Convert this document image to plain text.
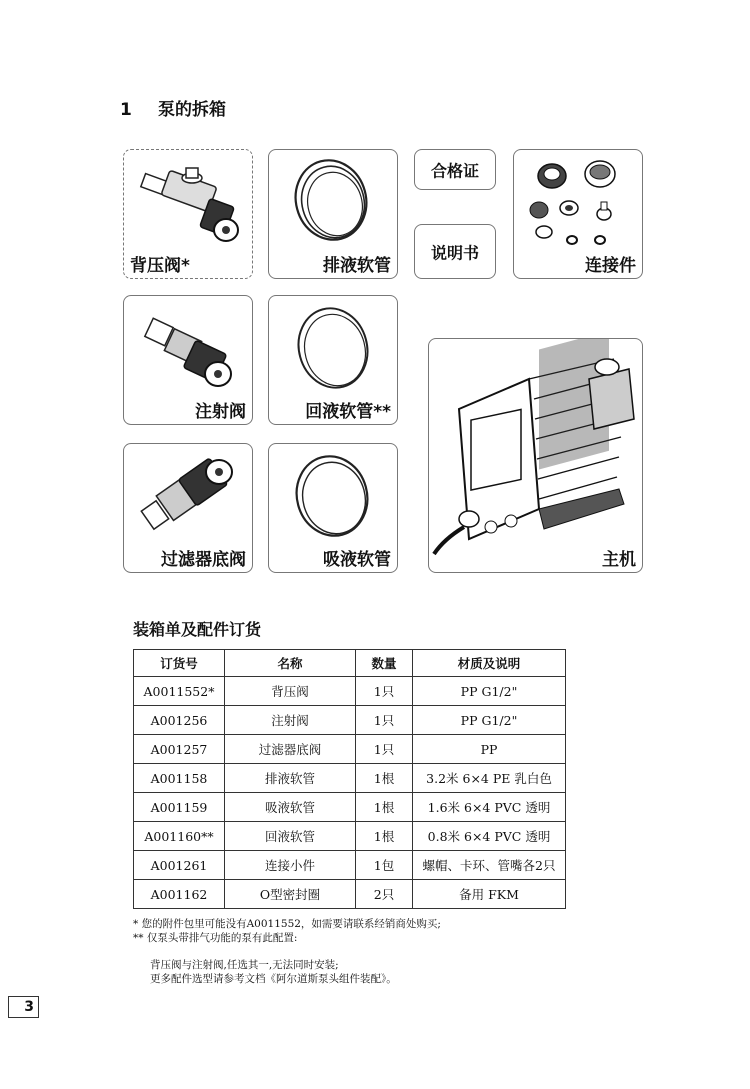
1 泵的拆箱
背压阀*	排液软管
合格证
说明书
连接件
注射阀	回液软管**
过滤器底阀	吸液软管	主机
装箱单及配件订货
订货号	名称	数量	材质及说明
A0011552*	背压阀	1只	PP G1/2"
A001256	注射阀	1只	PP G1/2"
A001257	过滤器底阀	1只	PP
A001158	排液软管	1根	3.2米 6×4 PE 乳白色
A001159	吸液软管	1根	1.6米 6×4 PVC 透明
A001160**	回液软管	1根	0.8米 6×4 PVC 透明
A001261	连接小件	1包	螺帽、卡环、管嘴各2只
A001162	O型密封圈	2只	备用 FKM
* 您的附件包里可能没有A0011552，如需要请联系经销商处购买;
** 仅泵头带排气功能的泵有此配置:
背压阀与注射阀,任选其一,无法同时安装;
更多配件选型请参考文档《阿尔道斯泵头组件装配》。
3
